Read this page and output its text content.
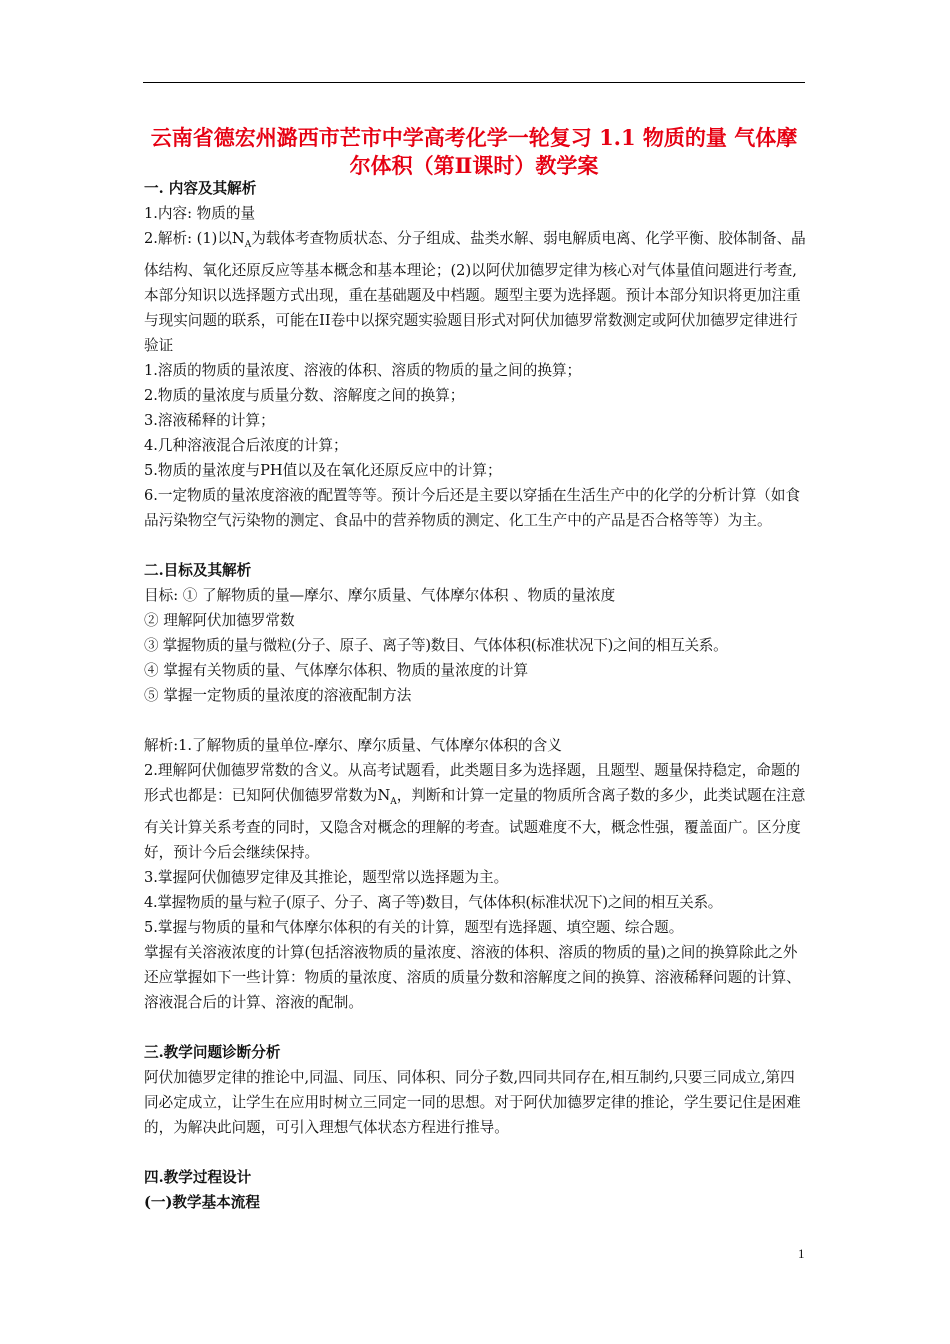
云南省德宏州潞西市芒市中学高考化学一轮复习 1.1 物质的量 气体摩尔体积（第Ⅱ课时）教学案

一. 内容及其解析

1.内容: 物质的量

2.解析: (1)以$N_A$为载体考查物质状态、分子组成、盐类水解、弱电解质电离、化学平衡、胶体制备、晶体结构、氧化还原反应等基本概念和基本理论；(2)以阿伏加德罗定律为核心对气体量值问题进行考查, 本部分知识以选择题方式出现，重在基础题及中档题。题型主要为选择题。预计本部分知识将更加注重与现实问题的联系，可能在II卷中以探究题实验题目形式对阿伏加德罗常数测定或阿伏加德罗定律进行验证

1.溶质的物质的量浓度、溶液的体积、溶质的物质的量之间的换算；

2.物质的量浓度与质量分数、溶解度之间的换算；

3.溶液稀释的计算；

4.几种溶液混合后浓度的计算；

5.物质的量浓度与PH值以及在氧化还原反应中的计算；

6.一定物质的量浓度溶液的配置等等。预计今后还是主要以穿插在生活生产中的化学的分析计算（如食品污染物空气污染物的测定、食品中的营养物质的测定、化工生产中的产品是否合格等等）为主。

二.目标及其解析

目标: ① 了解物质的量—摩尔、摩尔质量、气体摩尔体积 、物质的量浓度

② 理解阿伏加德罗常数

③ 掌握物质的量与微粒(分子、原子、离子等)数目、气体体积(标准状况下)之间的相互关系。

④ 掌握有关物质的量、气体摩尔体积、物质的量浓度的计算

⑤ 掌握一定物质的量浓度的溶液配制方法

解析:1.了解物质的量单位-摩尔、摩尔质量、气体摩尔体积的含义

2.理解阿伏伽德罗常数的含义。从高考试题看，此类题目多为选择题，且题型、题量保持稳定，命题的形式也都是：已知阿伏伽德罗常数为$N_A$，判断和计算一定量的物质所含离子数的多少，此类试题在注意有关计算关系考查的同时，又隐含对概念的理解的考查。试题难度不大，概念性强，覆盖面广。区分度好，预计今后会继续保持。

3.掌握阿伏伽德罗定律及其推论，题型常以选择题为主。

4.掌握物质的量与粒子(原子、分子、离子等)数目，气体体积(标准状况下)之间的相互关系。

5.掌握与物质的量和气体摩尔体积的有关的计算，题型有选择题、填空题、综合题。

掌握有关溶液浓度的计算(包括溶液物质的量浓度、溶液的体积、溶质的物质的量)之间的换算除此之外还应掌握如下一些计算：物质的量浓度、溶质的质量分数和溶解度之间的换算、溶液稀释问题的计算、溶液混合后的计算、溶液的配制。

三.教学问题诊断分析

阿伏加德罗定律的推论中,同温、同压、同体积、同分子数,四同共同存在,相互制约,只要三同成立,第四同必定成立，让学生在应用时树立三同定一同的思想。对于阿伏加德罗定律的推论，学生要记住是困难的，为解决此问题，可引入理想气体状态方程进行推导。

四.教学过程设计

(一)教学基本流程

1
